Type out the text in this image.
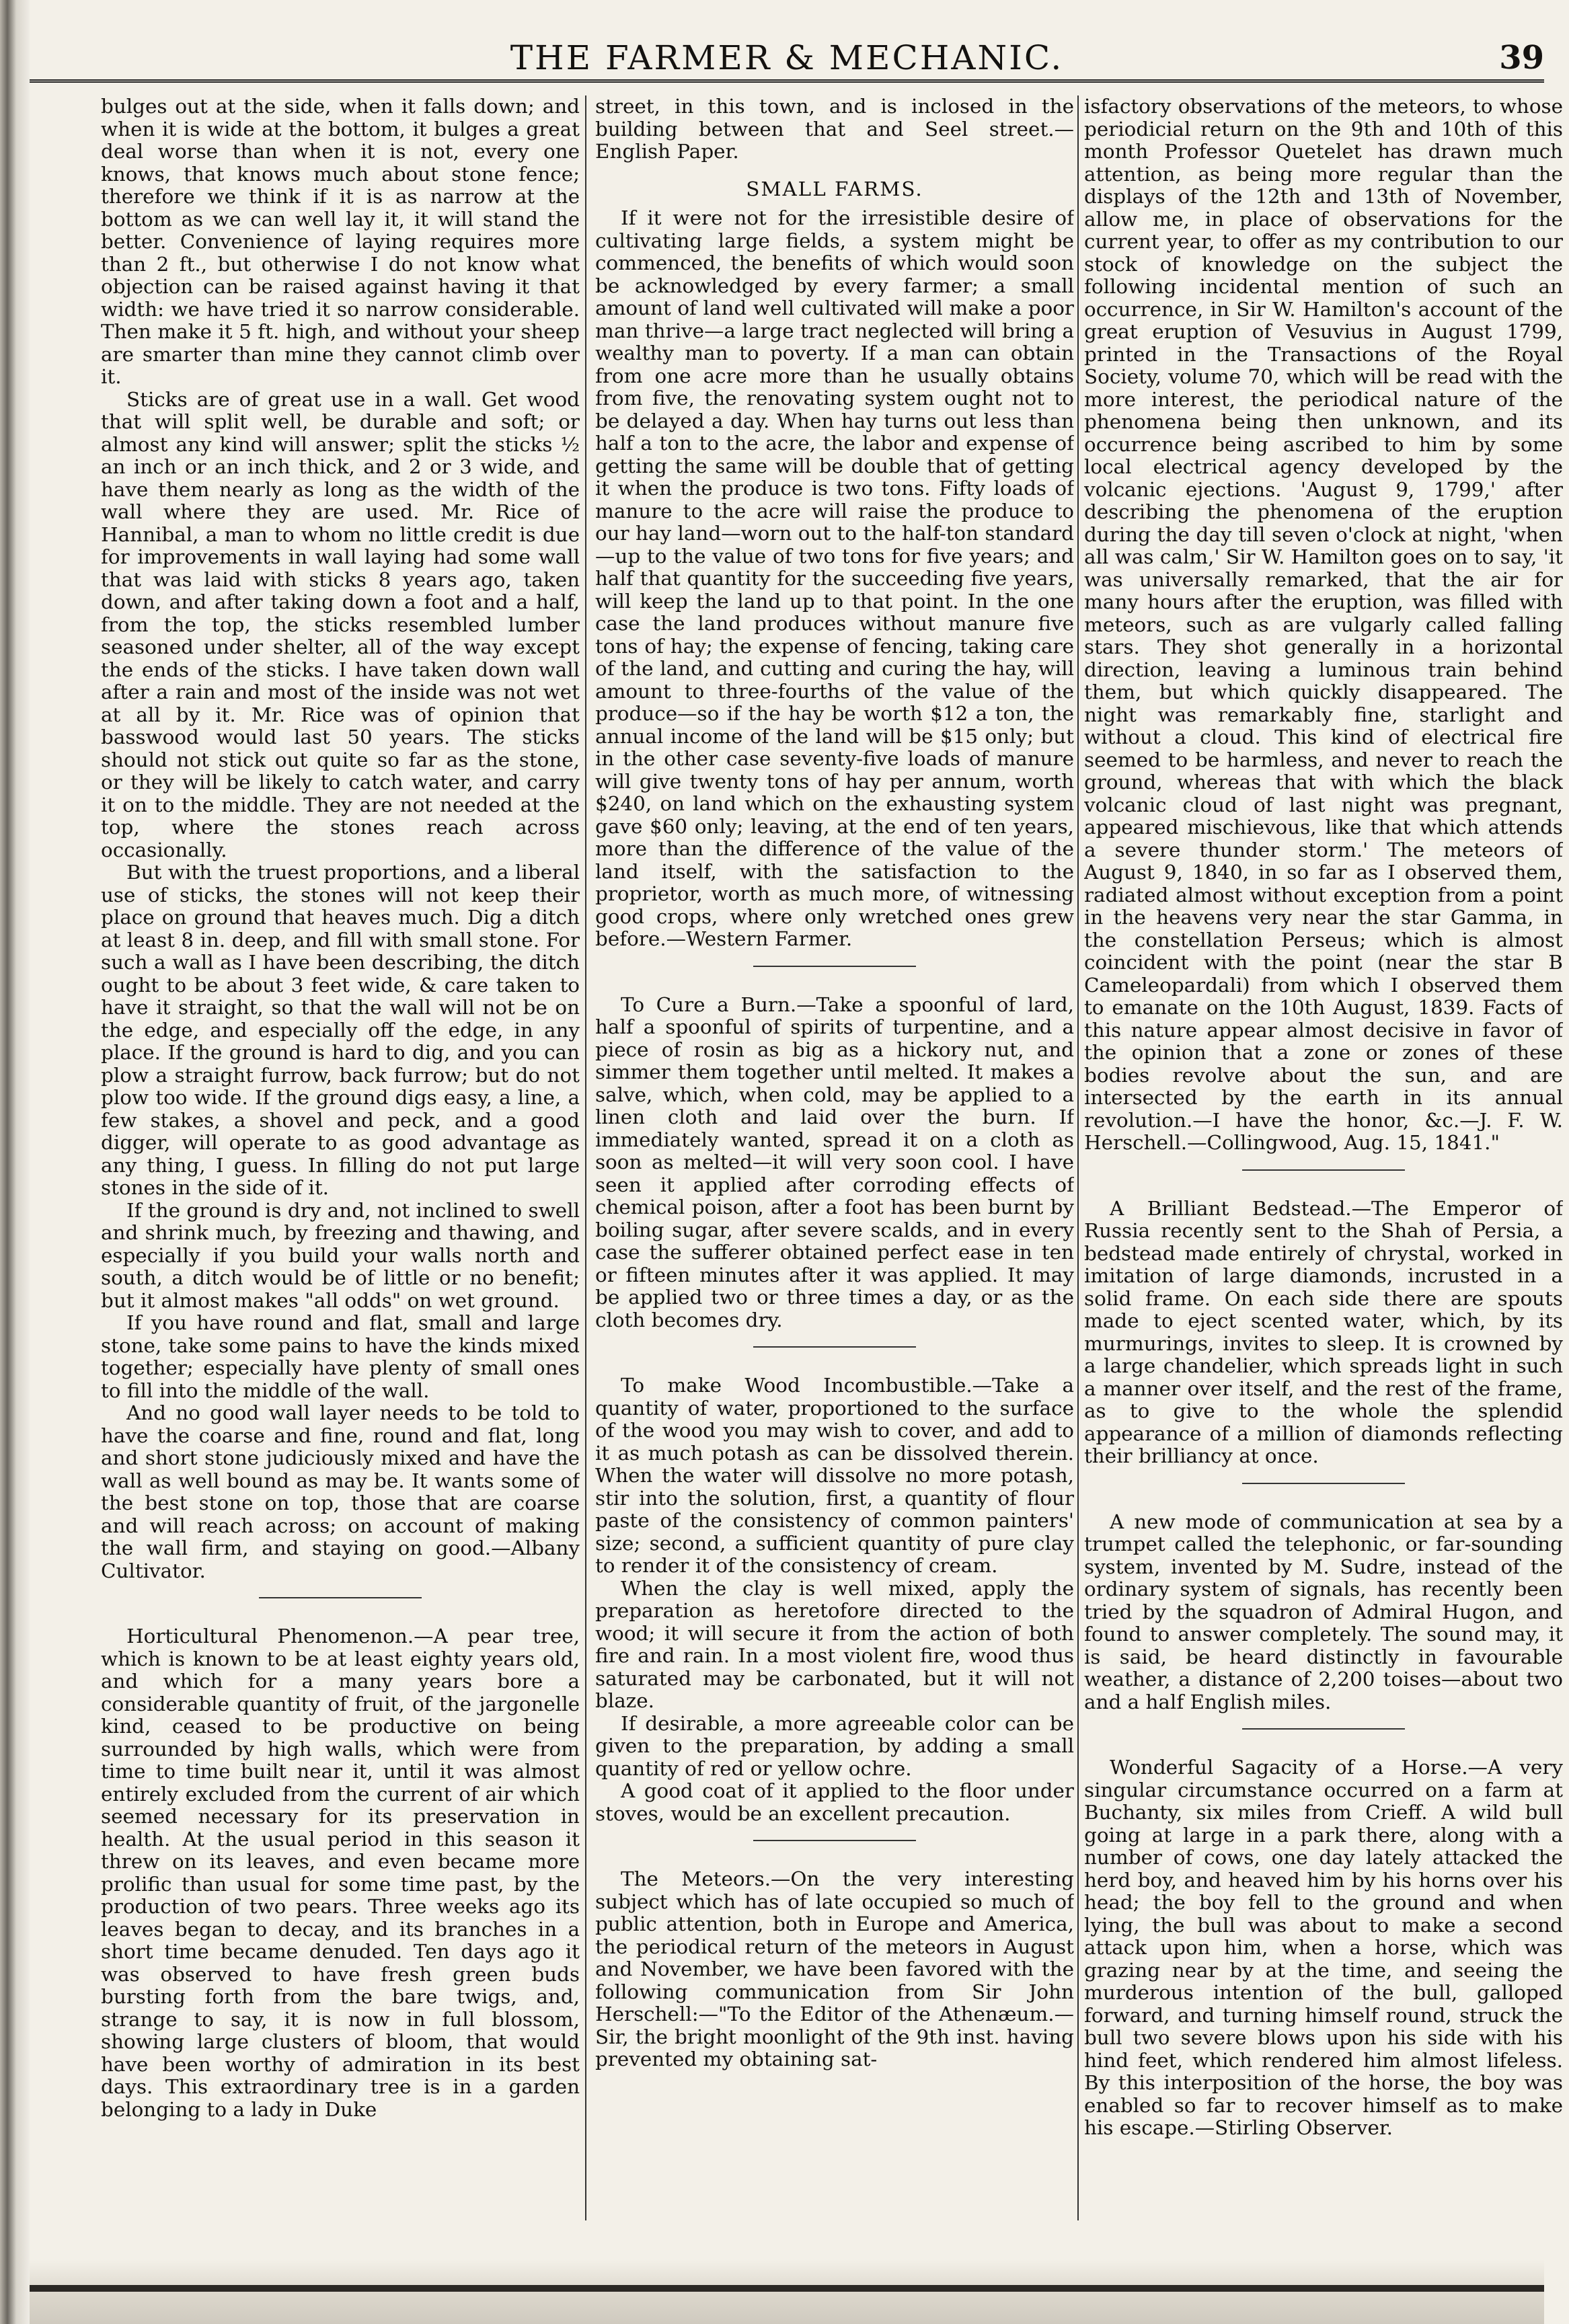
THE FARMER & MECHANIC.	39

bulges out at the side, when it falls down; and when it is wide at the bottom, it bulges a great deal worse than when it is not, every one knows, that knows much about stone fence; therefore we think if it is as narrow at the bottom as we can well lay it, it will stand the better. Convenience of laying requires more than 2 ft., but otherwise I do not know what objection can be raised against having it that width: we have tried it so narrow considerable. Then make it 5 ft. high, and without your sheep are smarter than mine they cannot climb over it.

Sticks are of great use in a wall. Get wood that will split well, be durable and soft; or almost any kind will answer; split the sticks ½ an inch or an inch thick, and 2 or 3 wide, and have them nearly as long as the width of the wall where they are used. Mr. Rice of Hannibal, a man to whom no little credit is due for improvements in wall laying had some wall that was laid with sticks 8 years ago, taken down, and after taking down a foot and a half, from the top, the sticks resembled lumber seasoned under shelter, all of the way except the ends of the sticks. I have taken down wall after a rain and most of the inside was not wet at all by it. Mr. Rice was of opinion that basswood would last 50 years. The sticks should not stick out quite so far as the stone, or they will be likely to catch water, and carry it on to the middle. They are not needed at the top, where the stones reach across occasionally.

But with the truest proportions, and a liberal use of sticks, the stones will not keep their place on ground that heaves much. Dig a ditch at least 8 in. deep, and fill with small stone. For such a wall as I have been describing, the ditch ought to be about 3 feet wide, & care taken to have it straight, so that the wall will not be on the edge, and especially off the edge, in any place. If the ground is hard to dig, and you can plow a straight furrow, back furrow; but do not plow too wide. If the ground digs easy, a line, a few stakes, a shovel and peck, and a good digger, will operate to as good advantage as any thing, I guess. In filling do not put large stones in the side of it.

If the ground is dry and, not inclined to swell and shrink much, by freezing and thawing, and especially if you build your walls north and south, a ditch would be of little or no benefit; but it almost makes "all odds" on wet ground.

If you have round and flat, small and large stone, take some pains to have the kinds mixed together; especially have plenty of small ones to fill into the middle of the wall.

And no good wall layer needs to be told to have the coarse and fine, round and flat, long and short stone judiciously mixed and have the wall as well bound as may be. It wants some of the best stone on top, those that are coarse and will reach across; on account of making the wall firm, and staying on good.—Albany Cultivator.

Horticultural Phenomenon.—A pear tree, which is known to be at least eighty years old, and which for a many years bore a considerable quantity of fruit, of the jargonelle kind, ceased to be productive on being surrounded by high walls, which were from time to time built near it, until it was almost entirely excluded from the current of air which seemed necessary for its preservation in health. At the usual period in this season it threw on its leaves, and even became more prolific than usual for some time past, by the production of two pears. Three weeks ago its leaves began to decay, and its branches in a short time became denuded. Ten days ago it was observed to have fresh green buds bursting forth from the bare twigs, and, strange to say, it is now in full blossom, showing large clusters of bloom, that would have been worthy of admiration in its best days. This extraordinary tree is in a garden belonging to a lady in Duke

street, in this town, and is inclosed in the building between that and Seel street.—English Paper.

SMALL FARMS.

If it were not for the irresistible desire of cultivating large fields, a system might be commenced, the benefits of which would soon be acknowledged by every farmer; a small amount of land well cultivated will make a poor man thrive—a large tract neglected will bring a wealthy man to poverty. If a man can obtain from one acre more than he usually obtains from five, the renovating system ought not to be delayed a day. When hay turns out less than half a ton to the acre, the labor and expense of getting the same will be double that of getting it when the produce is two tons. Fifty loads of manure to the acre will raise the produce to our hay land—worn out to the half-ton standard—up to the value of two tons for five years; and half that quantity for the succeeding five years, will keep the land up to that point. In the one case the land produces without manure five tons of hay; the expense of fencing, taking care of the land, and cutting and curing the hay, will amount to three-fourths of the value of the produce—so if the hay be worth $12 a ton, the annual income of the land will be $15 only; but in the other case seventy-five loads of manure will give twenty tons of hay per annum, worth $240, on land which on the exhausting system gave $60 only; leaving, at the end of ten years, more than the difference of the value of the land itself, with the satisfaction to the proprietor, worth as much more, of witnessing good crops, where only wretched ones grew before.—Western Farmer.

To Cure a Burn.—Take a spoonful of lard, half a spoonful of spirits of turpentine, and a piece of rosin as big as a hickory nut, and simmer them together until melted. It makes a salve, which, when cold, may be applied to a linen cloth and laid over the burn. If immediately wanted, spread it on a cloth as soon as melted—it will very soon cool. I have seen it applied after corroding effects of chemical poison, after a foot has been burnt by boiling sugar, after severe scalds, and in every case the sufferer obtained perfect ease in ten or fifteen minutes after it was applied. It may be applied two or three times a day, or as the cloth becomes dry.

To make Wood Incombustible.—Take a quantity of water, proportioned to the surface of the wood you may wish to cover, and add to it as much potash as can be dissolved therein. When the water will dissolve no more potash, stir into the solution, first, a quantity of flour paste of the consistency of common painters' size; second, a sufficient quantity of pure clay to render it of the consistency of cream.

When the clay is well mixed, apply the preparation as heretofore directed to the wood; it will secure it from the action of both fire and rain. In a most violent fire, wood thus saturated may be carbonated, but it will not blaze.

If desirable, a more agreeable color can be given to the preparation, by adding a small quantity of red or yellow ochre.

A good coat of it applied to the floor under stoves, would be an excellent precaution.

The Meteors.—On the very interesting subject which has of late occupied so much of public attention, both in Europe and America, the periodical return of the meteors in August and November, we have been favored with the following communication from Sir John Herschell:—"To the Editor of the Athenæum.—Sir, the bright moonlight of the 9th inst. having prevented my obtaining sat-

isfactory observations of the meteors, to whose periodicial return on the 9th and 10th of this month Professor Quetelet has drawn much attention, as being more regular than the displays of the 12th and 13th of November, allow me, in place of observations for the current year, to offer as my contribution to our stock of knowledge on the subject the following incidental mention of such an occurrence, in Sir W. Hamilton's account of the great eruption of Vesuvius in August 1799, printed in the Transactions of the Royal Society, volume 70, which will be read with the more interest, the periodical nature of the phenomena being then unknown, and its occurrence being ascribed to him by some local electrical agency developed by the volcanic ejections. 'August 9, 1799,' after describing the phenomena of the eruption during the day till seven o'clock at night, 'when all was calm,' Sir W. Hamilton goes on to say, 'it was universally remarked, that the air for many hours after the eruption, was filled with meteors, such as are vulgarly called falling stars. They shot generally in a horizontal direction, leaving a luminous train behind them, but which quickly disappeared. The night was remarkably fine, starlight and without a cloud. This kind of electrical fire seemed to be harmless, and never to reach the ground, whereas that with which the black volcanic cloud of last night was pregnant, appeared mischievous, like that which attends a severe thunder storm.' The meteors of August 9, 1840, in so far as I observed them, radiated almost without exception from a point in the heavens very near the star Gamma, in the constellation Perseus; which is almost coincident with the point (near the star B Cameleopardali) from which I observed them to emanate on the 10th August, 1839. Facts of this nature appear almost decisive in favor of the opinion that a zone or zones of these bodies revolve about the sun, and are intersected by the earth in its annual revolution.—I have the honor, &c.—J. F. W. Herschell.—Collingwood, Aug. 15, 1841."

A Brilliant Bedstead.—The Emperor of Russia recently sent to the Shah of Persia, a bedstead made entirely of chrystal, worked in imitation of large diamonds, incrusted in a solid frame. On each side there are spouts made to eject scented water, which, by its murmurings, invites to sleep. It is crowned by a large chandelier, which spreads light in such a manner over itself, and the rest of the frame, as to give to the whole the splendid appearance of a million of diamonds reflecting their brilliancy at once.

A new mode of communication at sea by a trumpet called the telephonic, or far-sounding system, invented by M. Sudre, instead of the ordinary system of signals, has recently been tried by the squadron of Admiral Hugon, and found to answer completely. The sound may, it is said, be heard distinctly in favourable weather, a distance of 2,200 toises—about two and a half English miles.

Wonderful Sagacity of a Horse.—A very singular circumstance occurred on a farm at Buchanty, six miles from Crieff. A wild bull going at large in a park there, along with a number of cows, one day lately attacked the herd boy, and heaved him by his horns over his head; the boy fell to the ground and when lying, the bull was about to make a second attack upon him, when a horse, which was grazing near by at the time, and seeing the murderous intention of the bull, galloped forward, and turning himself round, struck the bull two severe blows upon his side with his hind feet, which rendered him almost lifeless. By this interposition of the horse, the boy was enabled so far to recover himself as to make his escape.—Stirling Observer.
